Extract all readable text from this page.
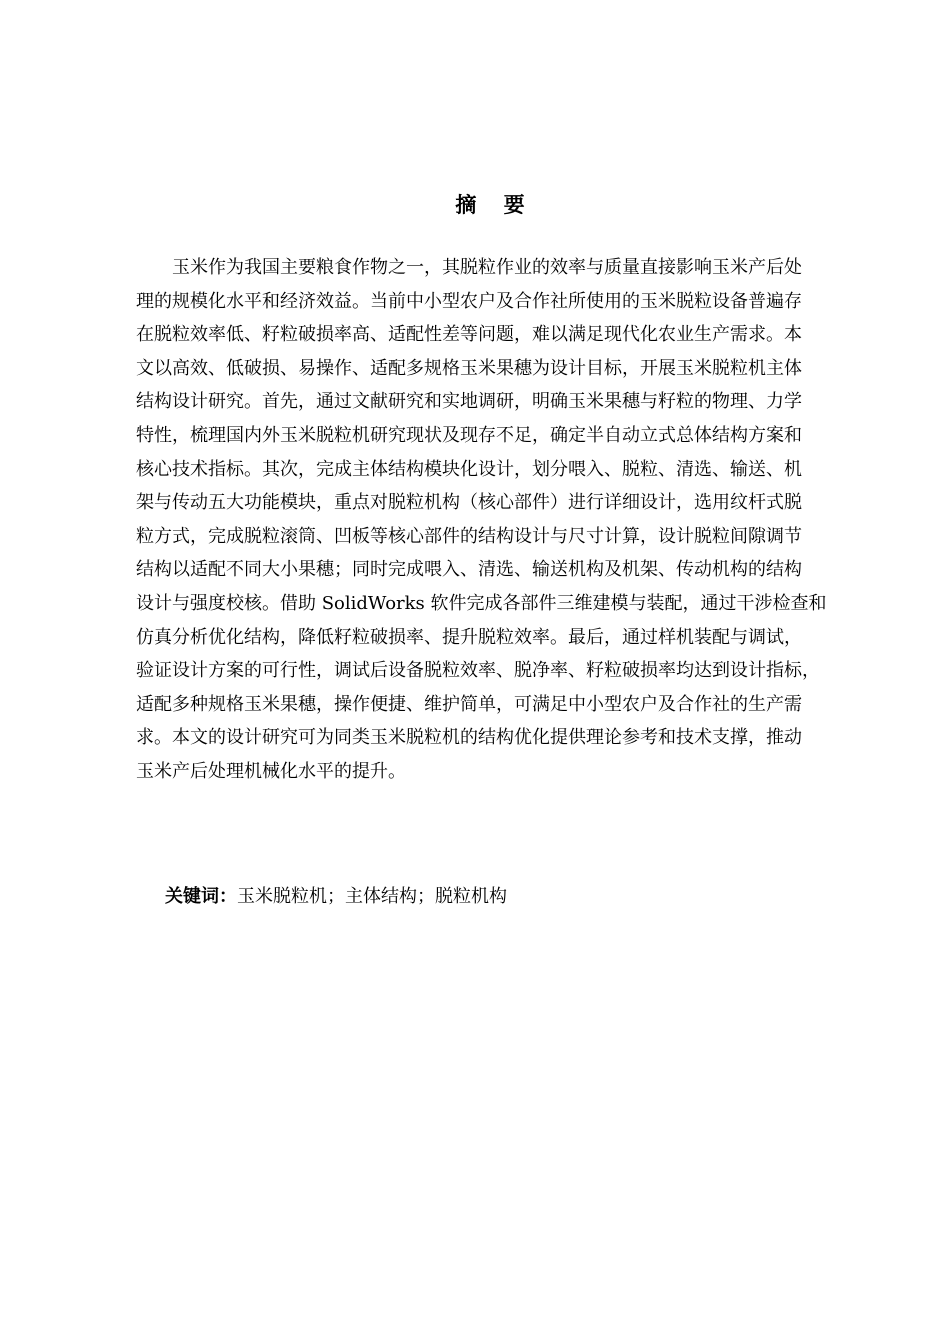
摘 要
玉米作为我国主要粮食作物之一，其脱粒作业的效率与质量直接影响玉米产后处
理的规模化水平和经济效益。当前中小型农户及合作社所使用的玉米脱粒设备普遍存
在脱粒效率低、籽粒破损率高、适配性差等问题，难以满足现代化农业生产需求。本
文以高效、低破损、易操作、适配多规格玉米果穗为设计目标，开展玉米脱粒机主体
结构设计研究。首先，通过文献研究和实地调研，明确玉米果穗与籽粒的物理、力学
特性，梳理国内外玉米脱粒机研究现状及现存不足，确定半自动立式总体结构方案和
核心技术指标。其次，完成主体结构模块化设计，划分喂入、脱粒、清选、输送、机
架与传动五大功能模块，重点对脱粒机构（核心部件）进行详细设计，选用纹杆式脱
粒方式，完成脱粒滚筒、凹板等核心部件的结构设计与尺寸计算，设计脱粒间隙调节
结构以适配不同大小果穗；同时完成喂入、清选、输送机构及机架、传动机构的结构
设计与强度校核。借助 SolidWorks 软件完成各部件三维建模与装配，通过干涉检查和
仿真分析优化结构，降低籽粒破损率、提升脱粒效率。最后，通过样机装配与调试，
验证设计方案的可行性，调试后设备脱粒效率、脱净率、籽粒破损率均达到设计指标，
适配多种规格玉米果穗，操作便捷、维护简单，可满足中小型农户及合作社的生产需
求。本文的设计研究可为同类玉米脱粒机的结构优化提供理论参考和技术支撑，推动
玉米产后处理机械化水平的提升。
关键词：玉米脱粒机；主体结构；脱粒机构
